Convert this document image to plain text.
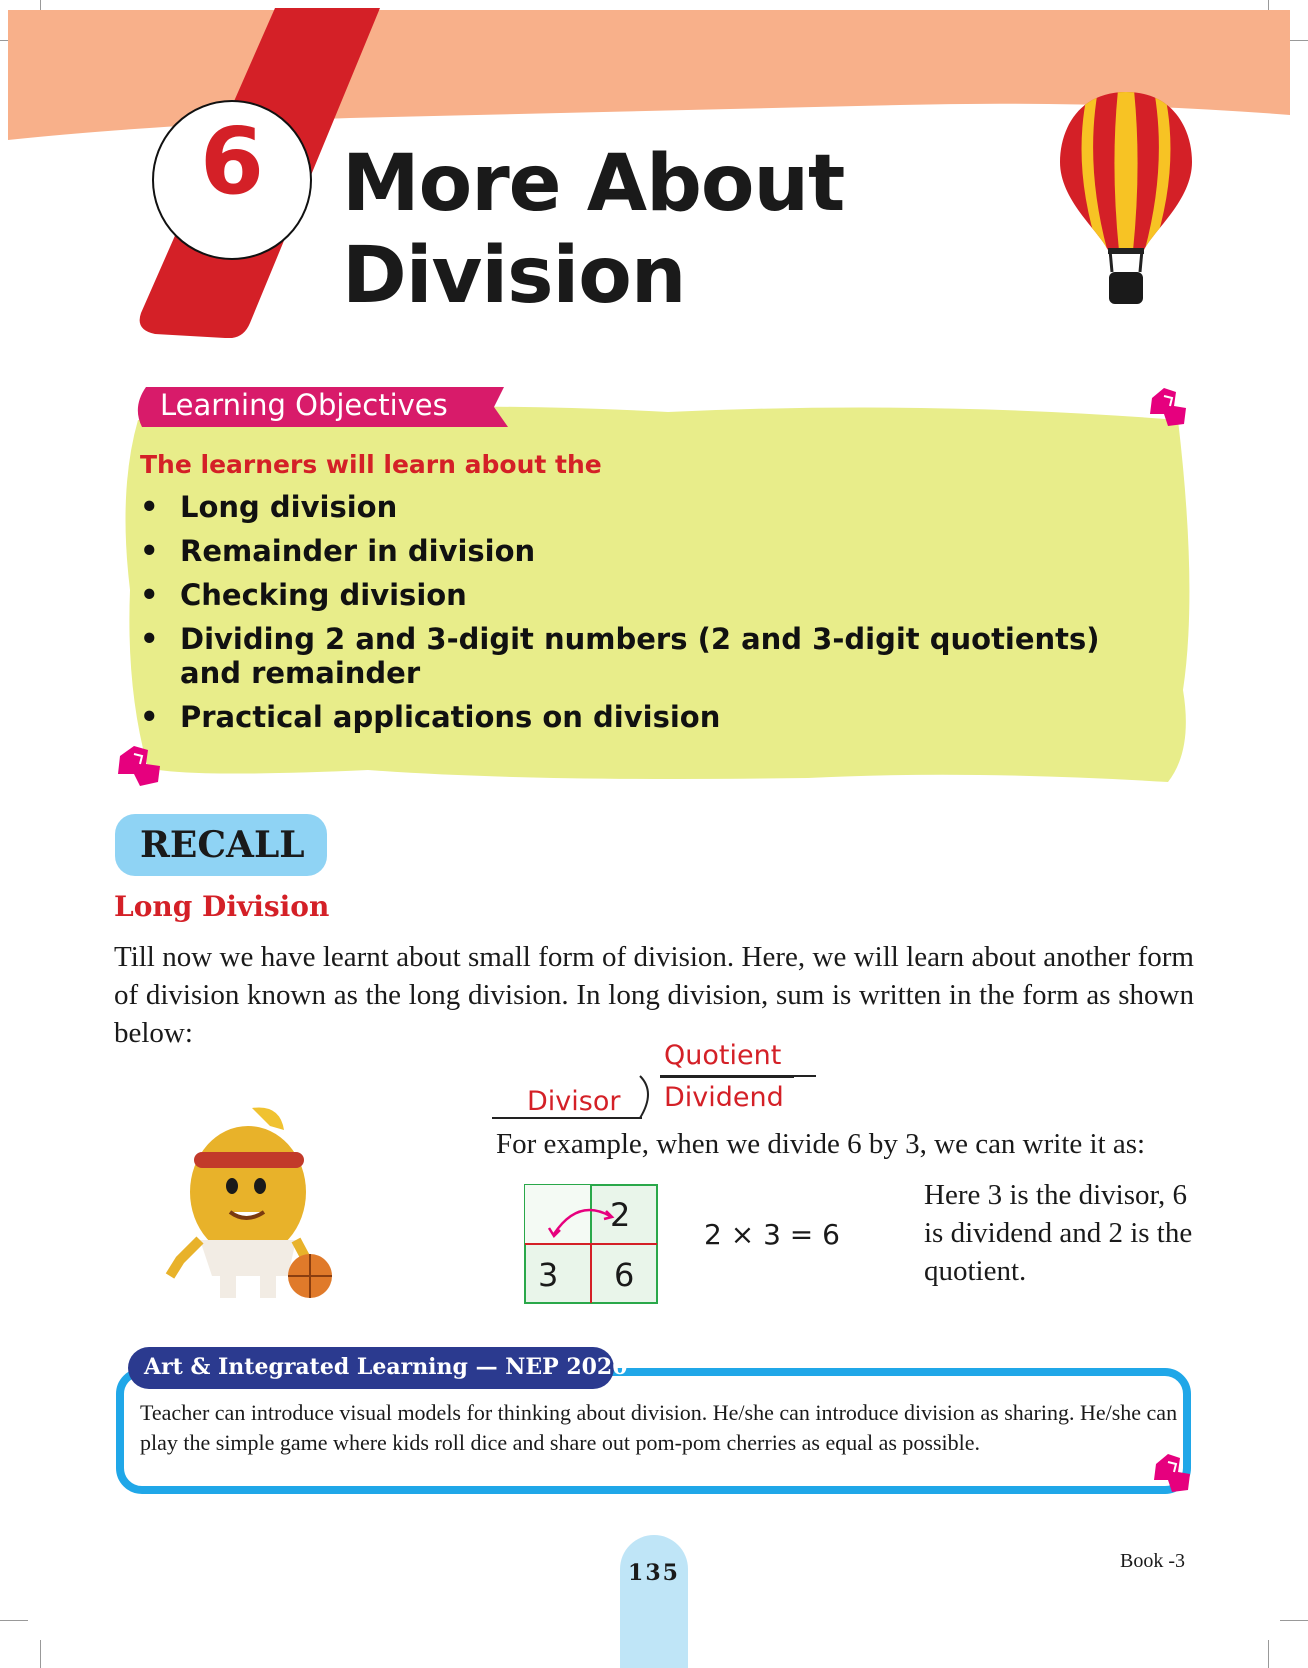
6	More About
Division
Learning Objectives
The learners will learn about the
• Long division
• Remainder in division
• Checking division
• Dividing 2 and 3-digit numbers (2 and 3-digit quotients) and remainder
• Practical applications on division
RECALL
Long Division
Till now we have learnt about small form of division. Here, we will learn about another form of division known as the long division. In long division, sum is written in the form as shown below:
Quotient
Divisor Dividend
For example, when we divide 6 by 3, we can write it as:
2
3 6
2 × 3 = 6
Here 3 is the divisor, 6 is dividend and 2 is the quotient.
Art & Integrated Learning — NEP 2020
Teacher can introduce visual models for thinking about division. He/she can introduce division as sharing. He/she can play the simple game where kids roll dice and share out pom-pom cherries as equal as possible.
135	Book -3
